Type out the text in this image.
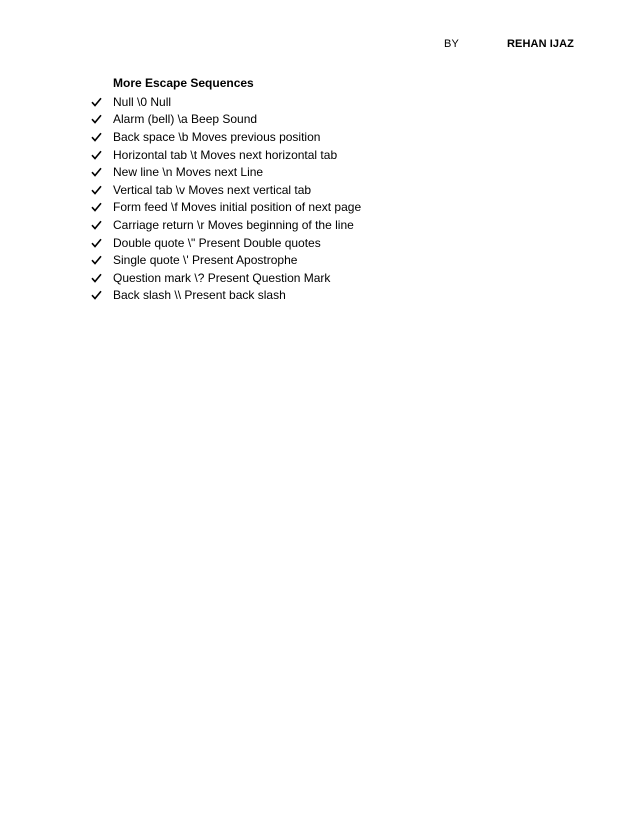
BY	REHAN IJAZ
More Escape Sequences
Null \0 Null
Alarm (bell) \a Beep Sound
Back space \b Moves previous position
Horizontal tab \t Moves next horizontal tab
New line \n Moves next Line
Vertical tab \v Moves next vertical tab
Form feed \f Moves initial position of next page
Carriage return \r Moves beginning of the line
Double quote \" Present Double quotes
Single quote \' Present Apostrophe
Question mark \? Present Question Mark
Back slash \\ Present back slash
